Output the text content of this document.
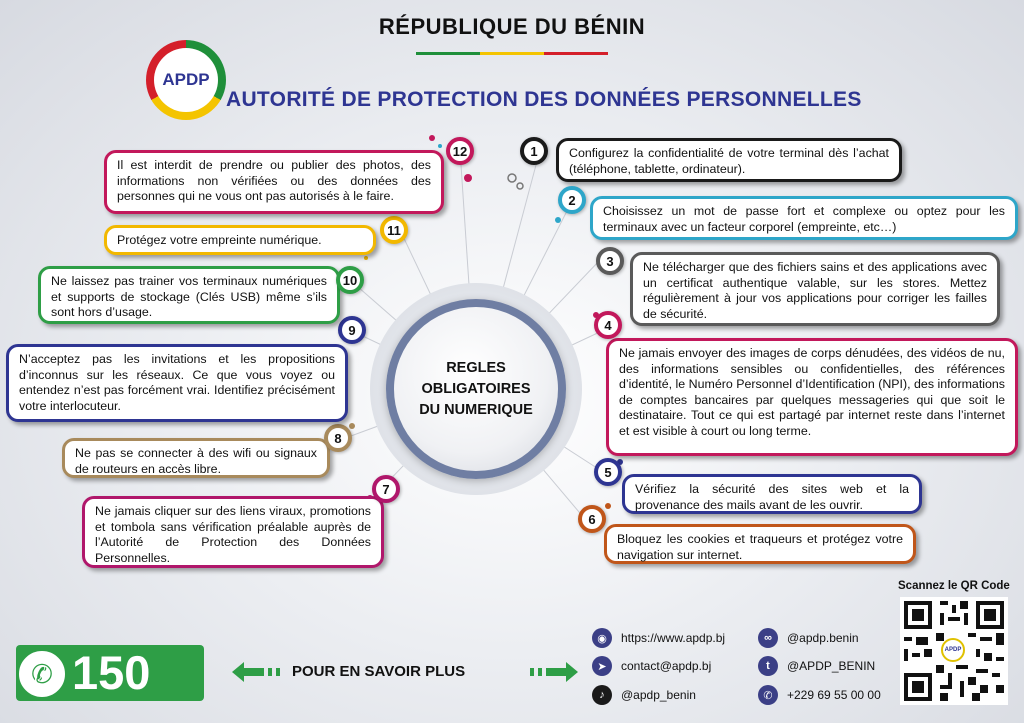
RÉPUBLIQUE DU BÉNIN
APDP
AUTORITÉ DE PROTECTION DES DONNÉES PERSONNELLES
REGLES
OBLIGATOIRES
DU NUMERIQUE
Configurez la confidentialité de votre terminal dès l’achat (téléphone, tablette, ordinateur).
1
Choisissez un mot de passe fort et complexe ou optez pour les terminaux avec un facteur corporel (empreinte, etc…)
2
Ne télécharger que des fichiers sains et des applications avec un certificat authentique valable, sur les stores. Mettez régulièrement à jour vos applications pour corriger les failles de sécurité.
3
Ne jamais envoyer des images de corps dénudées, des vidéos de nu, des informations sensibles ou confidentielles, des références d’identité, le Numéro Personnel d’Identification (NPI), des informations de comptes bancaires par quelques messageries qui que soit le destinataire. Tout ce qui est partagé par internet reste dans l’internet et est visible à court ou long terme.
4
Vérifiez la sécurité des sites web et la provenance des mails avant de les ouvrir.
5
Bloquez les cookies et traqueurs et protégez votre navigation sur internet.
6
Ne jamais cliquer sur des liens viraux, promotions et tombola sans vérification préalable auprès de l’Autorité de Protection des Données Personnelles.
7
Ne pas se connecter à des wifi ou signaux de routeurs en accès libre.
8
N’acceptez pas les invitations et les propositions d’inconnus sur les réseaux. Ce que vous voyez ou entendez n’est pas forcément vrai. Identifiez précisément votre interlocuteur.
9
Ne laissez pas trainer vos terminaux numériques et supports de stockage (Clés USB) même s’ils sont hors d’usage.
10
Protégez votre empreinte numérique.
11
Il est interdit de prendre ou publier des photos, des informations non vérifiées ou des données des personnes qui ne vous ont pas autorisés à le faire.
12
150
✆	POUR EN SAVOIR PLUS
◉	https://www.apdp.bj
➤	contact@apdp.bj
♪	@apdp_benin
∞	@apdp.benin
t	@APDP_BENIN
✆	+229 69 55 00 00
Scannez le QR Code
APDP
